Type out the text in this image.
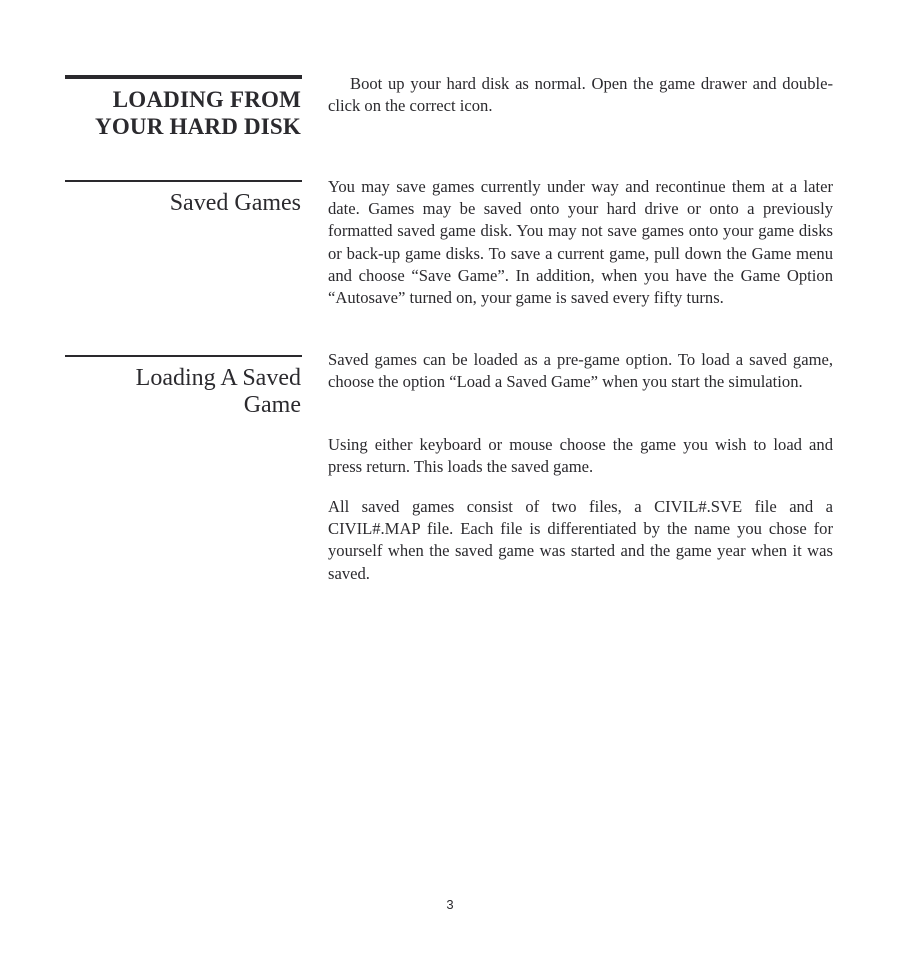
LOADING FROM
YOUR HARD DISK

Boot up your hard disk as normal. Open the game drawer and double-click on the correct icon.

Saved Games

You may save games currently under way and recontinue them at a later date. Games may be saved onto your hard drive or onto a previously formatted saved game disk. You may not save games onto your game disks or back-up game disks. To save a current game, pull down the Game menu and choose “Save Game”. In addition, when you have the Game Option “Autosave” turned on, your game is saved every fifty turns.

Loading A Saved
Game

Saved games can be loaded as a pre-game option. To load a saved game, choose the option “Load a Saved Game” when you start the simulation.

Using either keyboard or mouse choose the game you wish to load and press return. This loads the saved game.

All saved games consist of two files, a CIVIL#.SVE file and a CIVIL#.MAP file. Each file is differentiated by the name you chose for yourself when the saved game was started and the game year when it was saved.

3
